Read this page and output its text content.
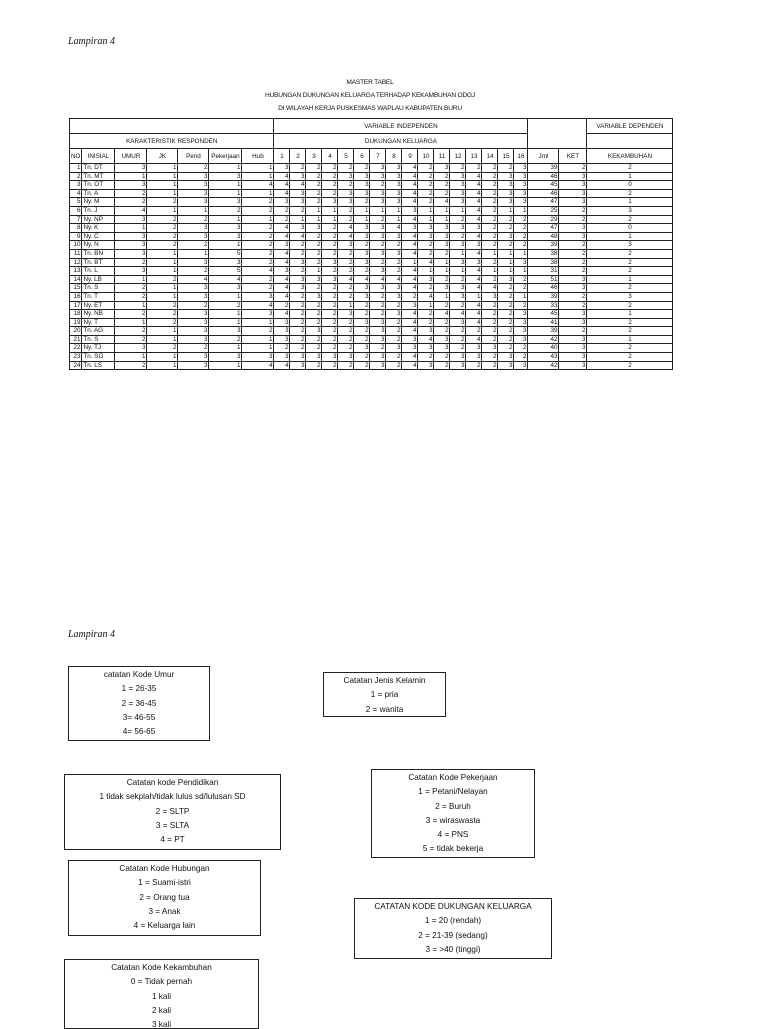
Lampiran 4
MASTER TABEL
HUBUNGAN DUKUNGAN KELUARGA TERHADAP KEKAMBUHAN ODGJ
DI WILAYAH KERJA PUSKESMAS WAPLAU KABUPATEN BURU
							VARIABLE INDEPENDEN																		VARIABLE DEPENDEN
KARAKTERISTIK RESPONDEN							DUKUNGAN KELUARGA																		
NO	INISIAL	UMUR	JK	Pend	Pekerjaan	Hub	1	2	3	4	5	6	7	8	9	10	11	12	13	14	15	16	Jml	KET	KEKAMBUHAN
1	Tn. DT	3	1	2	1	1	3	2	2	2	2	2	3	3	4	2	3	2	2	2	2	3	39	2	2
2	Tn. MT	1	1	3	3	1	4	3	2	2	3	3	3	3	4	2	2	3	4	2	3	3	46	3	1
3	Tn. OT	3	1	3	1	4	4	4	2	2	2	3	2	3	4	2	2	3	4	2	3	3	45	3	0
4	Tn. A	2	1	3	1	1	4	3	2	2	3	3	3	3	4	2	2	3	4	2	3	3	46	3	2
5	Ny. M	2	2	3	3	2	3	3	2	3	3	2	3	3	4	2	4	3	4	2	3	3	47	3	1
6	Tn. J	4	1	1	2	2	2	2	1	1	2	1	1	1	3	1	1	1	4	2	1	1	25	2	3
7	Ny. NP	3	2	2	1	1	2	1	1	1	2	1	2	1	4	1	1	2	4	2	2	2	29	2	2
8	Ny. K	1	2	3	3	2	4	3	3	2	4	3	3	4	3	3	3	3	3	2	2	2	47	3	0
9	Ny. C	3	2	3	3	2	4	4	2	2	4	3	3	3	4	3	3	2	4	2	3	2	48	3	1
10	Ny. N	3	2	2	1	2	3	2	2	2	3	2	2	2	4	2	3	3	3	2	2	2	39	2	3
11	Tn. BN	3	1	1	5	2	4	2	2	2	2	3	3	3	4	2	2	1	4	1	1	1	38	2	2
12	Tn. BT	2	1	3	3	2	4	3	2	3	2	3	2	2	1	4	1	3	3	2	1	3	38	2	2
13	Tn. L	3	1	2	5	4	3	2	1	2	2	2	3	2	4	1	1	1	4	1	1	1	31	2	2
14	Ny. LB	1	2	4	4	2	4	3	3	3	4	4	4	4	4	3	2	2	4	2	3	2	51	3	1
15	Tn. S	2	1	3	3	2	4	3	2	2	2	3	3	3	4	2	3	3	4	4	2	2	46	3	2
16	Tn. T	2	1	3	1	3	4	2	3	2	2	3	2	3	2	4	1	3	1	3	2	1	39	2	3
17	Ny. ET	1	2	2	2	4	2	2	2	2	1	2	2	2	3	1	2	2	4	2	2	2	33	2	2
18	Ny. NB	2	2	3	1	3	4	2	2	2	3	2	2	3	4	2	4	4	4	2	2	3	45	3	1
19	Ny. T	1	2	3	1	1	3	2	2	2	2	3	3	2	4	2	2	3	4	2	2	3	41	3	2
20	Tn. AG	2	1	3	3	2	3	2	3	2	2	2	3	2	4	3	2	2	2	2	2	3	39	2	2
21	Tn. S	2	1	3	2	1	3	2	2	2	2	2	3	2	3	4	3	2	4	2	2	3	42	3	1
22	Ny. TJ	3	2	2	1	1	2	2	2	2	2	3	2	3	3	3	3	2	3	3	2	2	40	3	2
23	Tn. SO	1	1	3	3	3	3	3	3	3	3	2	3	2	4	2	2	3	3	2	3	2	43	3	2
24	Tn. LS	2	1	3	1	4	4	3	2	2	2	2	3	2	4	3	2	3	2	2	3	3	42	3	2
Lampiran 4
catatan Kode Umur
1 = 26-35
2 = 36-45
3= 46-55
4= 56-65
Catatan Jenis Kelamin
1 = pria
2 = wanita
Catatan kode Pendidikan
1 tidak sekplah/tidak lulus sd/lulusan SD
2 = SLTP
3 = SLTA
4 = PT
Catatan Kode Pekerjaan
1 = Petani/Nelayan
2 = Buruh
3 = wiraswasta
4 = PNS
5 = tidak bekerja
Catatan Kode Hubungan
1 = Suami-istri
2 = Orang tua
3 = Anak
4 = Keluarga lain
CATATAN KODE DUKUNGAN KELUARGA
1 = 20 (rendah)
2 = 21-39 (sedang)
3 = >40 (tinggi)
Catatan Kode Kekambuhan
0 = Tidak pernah
1 kali
2 kali
3 kali
